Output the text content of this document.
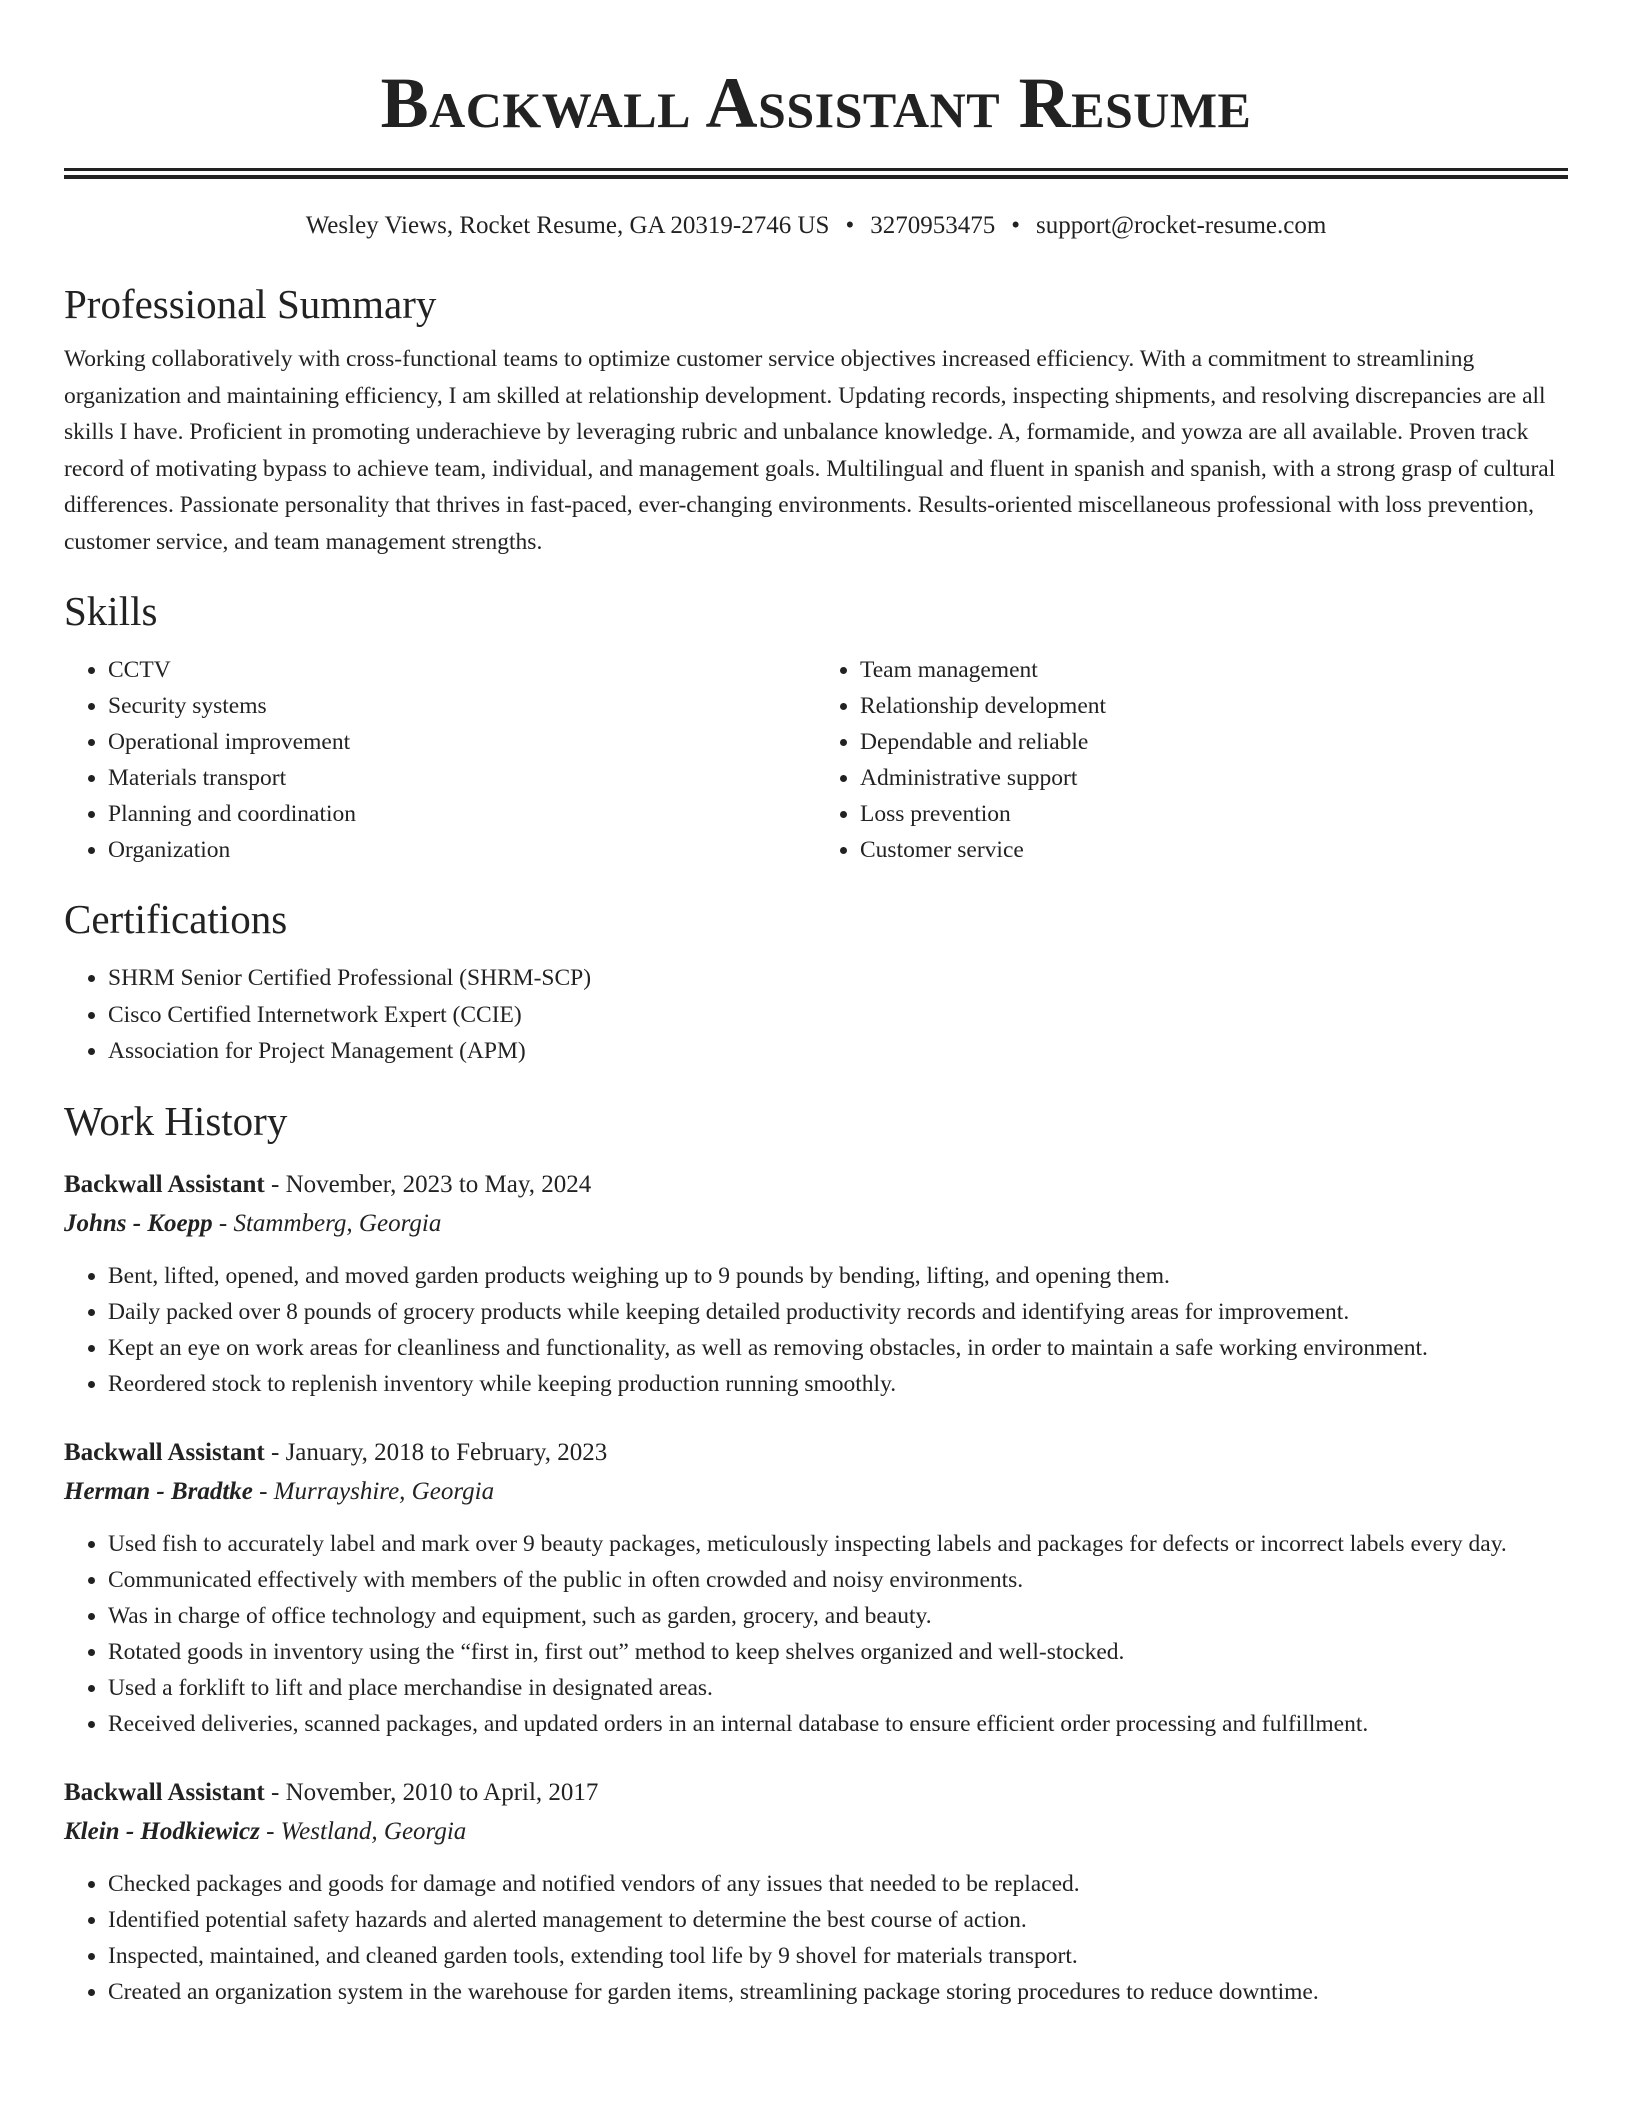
Backwall Assistant Resume
Wesley Views, Rocket Resume, GA 20319-2746 US • 3270953475 • support@rocket-resume.com
Professional Summary
Working collaboratively with cross-functional teams to optimize customer service objectives increased efficiency. With a commitment to streamlining organization and maintaining efficiency, I am skilled at relationship development. Updating records, inspecting shipments, and resolving discrepancies are all skills I have. Proficient in promoting underachieve by leveraging rubric and unbalance knowledge. A, formamide, and yowza are all available. Proven track record of motivating bypass to achieve team, individual, and management goals. Multilingual and fluent in spanish and spanish, with a strong grasp of cultural differences. Passionate personality that thrives in fast-paced, ever-changing environments. Results-oriented miscellaneous professional with loss prevention, customer service, and team management strengths.
Skills
• CCTV
• Security systems
• Operational improvement
• Materials transport
• Planning and coordination
• Organization
• Team management
• Relationship development
• Dependable and reliable
• Administrative support
• Loss prevention
• Customer service
Certifications
• SHRM Senior Certified Professional (SHRM-SCP)
• Cisco Certified Internetwork Expert (CCIE)
• Association for Project Management (APM)
Work History
Backwall Assistant - November, 2023 to May, 2024
Johns - Koepp - Stammberg, Georgia
• Bent, lifted, opened, and moved garden products weighing up to 9 pounds by bending, lifting, and opening them.
• Daily packed over 8 pounds of grocery products while keeping detailed productivity records and identifying areas for improvement.
• Kept an eye on work areas for cleanliness and functionality, as well as removing obstacles, in order to maintain a safe working environment.
• Reordered stock to replenish inventory while keeping production running smoothly.
Backwall Assistant - January, 2018 to February, 2023
Herman - Bradtke - Murrayshire, Georgia
• Used fish to accurately label and mark over 9 beauty packages, meticulously inspecting labels and packages for defects or incorrect labels every day.
• Communicated effectively with members of the public in often crowded and noisy environments.
• Was in charge of office technology and equipment, such as garden, grocery, and beauty.
• Rotated goods in inventory using the “first in, first out” method to keep shelves organized and well-stocked.
• Used a forklift to lift and place merchandise in designated areas.
• Received deliveries, scanned packages, and updated orders in an internal database to ensure efficient order processing and fulfillment.
Backwall Assistant - November, 2010 to April, 2017
Klein - Hodkiewicz - Westland, Georgia
• Checked packages and goods for damage and notified vendors of any issues that needed to be replaced.
• Identified potential safety hazards and alerted management to determine the best course of action.
• Inspected, maintained, and cleaned garden tools, extending tool life by 9 shovel for materials transport.
• Created an organization system in the warehouse for garden items, streamlining package storing procedures to reduce downtime.
